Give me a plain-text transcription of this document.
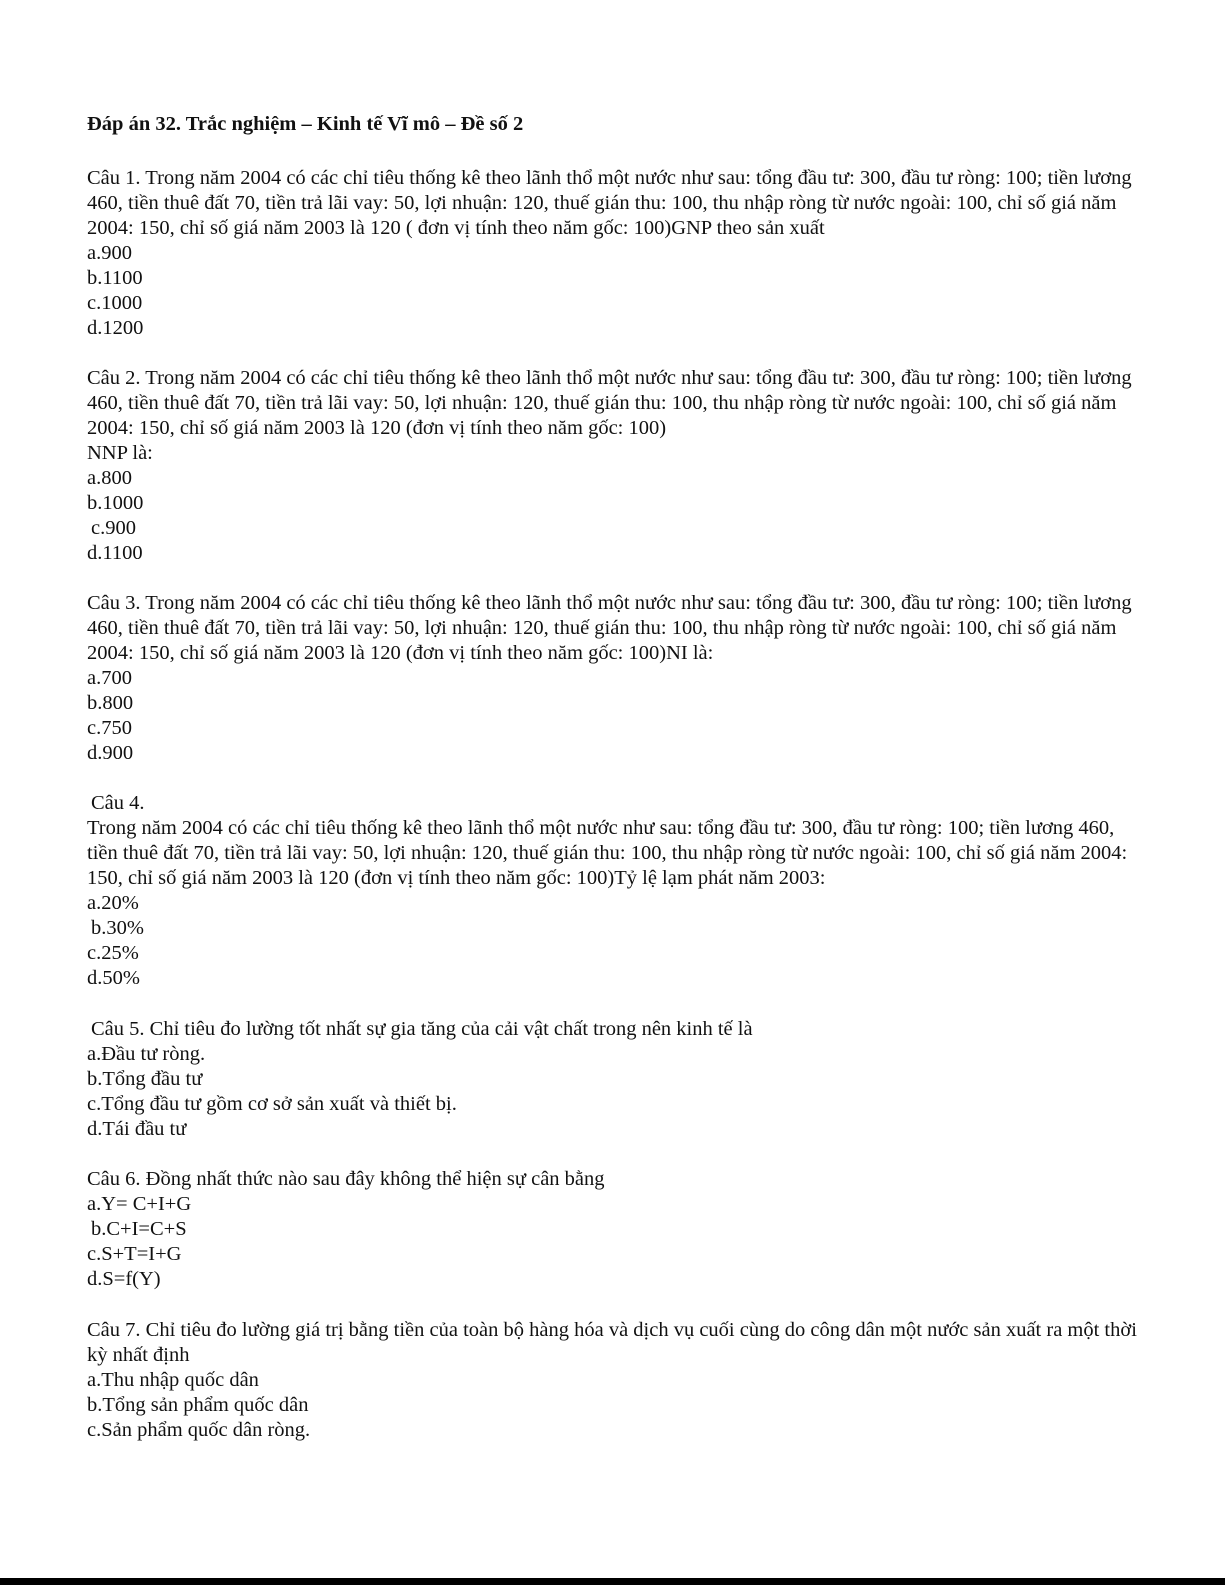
Đáp án 32. Trắc nghiệm – Kinh tế Vĩ mô – Đề số 2

Câu 1. Trong năm 2004 có các chỉ tiêu thống kê theo lãnh thổ một nước như sau: tổng đầu tư: 300, đầu tư ròng: 100; tiền lương 460, tiền thuê đất 70, tiền trả lãi vay: 50, lợi nhuận: 120, thuế gián thu: 100, thu nhập ròng từ nước ngoài: 100, chỉ số giá năm 2004: 150, chỉ số giá năm 2003 là 120 ( đơn vị tính theo năm gốc: 100)GNP theo sản xuất

a.900

b.1100

c.1000

d.1200

Câu 2. Trong năm 2004 có các chỉ tiêu thống kê theo lãnh thổ một nước như sau: tổng đầu tư: 300, đầu tư ròng: 100; tiền lương 460, tiền thuê đất 70, tiền trả lãi vay: 50, lợi nhuận: 120, thuế gián thu: 100, thu nhập ròng từ nước ngoài: 100, chỉ số giá năm 2004: 150, chỉ số giá năm 2003 là 120 (đơn vị tính theo năm gốc: 100)

NNP là:

a.800

b.1000

c.900

d.1100

Câu 3. Trong năm 2004 có các chỉ tiêu thống kê theo lãnh thổ một nước như sau: tổng đầu tư: 300, đầu tư ròng: 100; tiền lương 460, tiền thuê đất 70, tiền trả lãi vay: 50, lợi nhuận: 120, thuế gián thu: 100, thu nhập ròng từ nước ngoài: 100, chỉ số giá năm 2004: 150, chỉ số giá năm 2003 là 120 (đơn vị tính theo năm gốc: 100)NI là:

a.700

b.800

c.750

d.900

Câu 4.

Trong năm 2004 có các chỉ tiêu thống kê theo lãnh thổ một nước như sau: tổng đầu tư: 300, đầu tư ròng: 100; tiền lương 460, tiền thuê đất 70, tiền trả lãi vay: 50, lợi nhuận: 120, thuế gián thu: 100, thu nhập ròng từ nước ngoài: 100, chỉ số giá năm 2004: 150, chỉ số giá năm 2003 là 120 (đơn vị tính theo năm gốc: 100)Tỷ lệ lạm phát năm 2003:

a.20%

b.30%

c.25%

d.50%

Câu 5. Chỉ tiêu đo lường tốt nhất sự gia tăng của cải vật chất trong nên kinh tế là

a.Đầu tư ròng.

b.Tổng đầu tư

c.Tổng đầu tư gồm cơ sở sản xuất và thiết bị.

d.Tái đầu tư

Câu 6. Đồng nhất thức nào sau đây không thể hiện sự cân bằng

a.Y= C+I+G

b.C+I=C+S

c.S+T=I+G

d.S=f(Y)

Câu 7. Chỉ tiêu đo lường giá trị bằng tiền của toàn bộ hàng hóa và dịch vụ cuối cùng do công dân một nước sản xuất ra một thời kỳ nhất định

a.Thu nhập quốc dân

b.Tổng sản phẩm quốc dân

c.Sản phẩm quốc dân ròng.
